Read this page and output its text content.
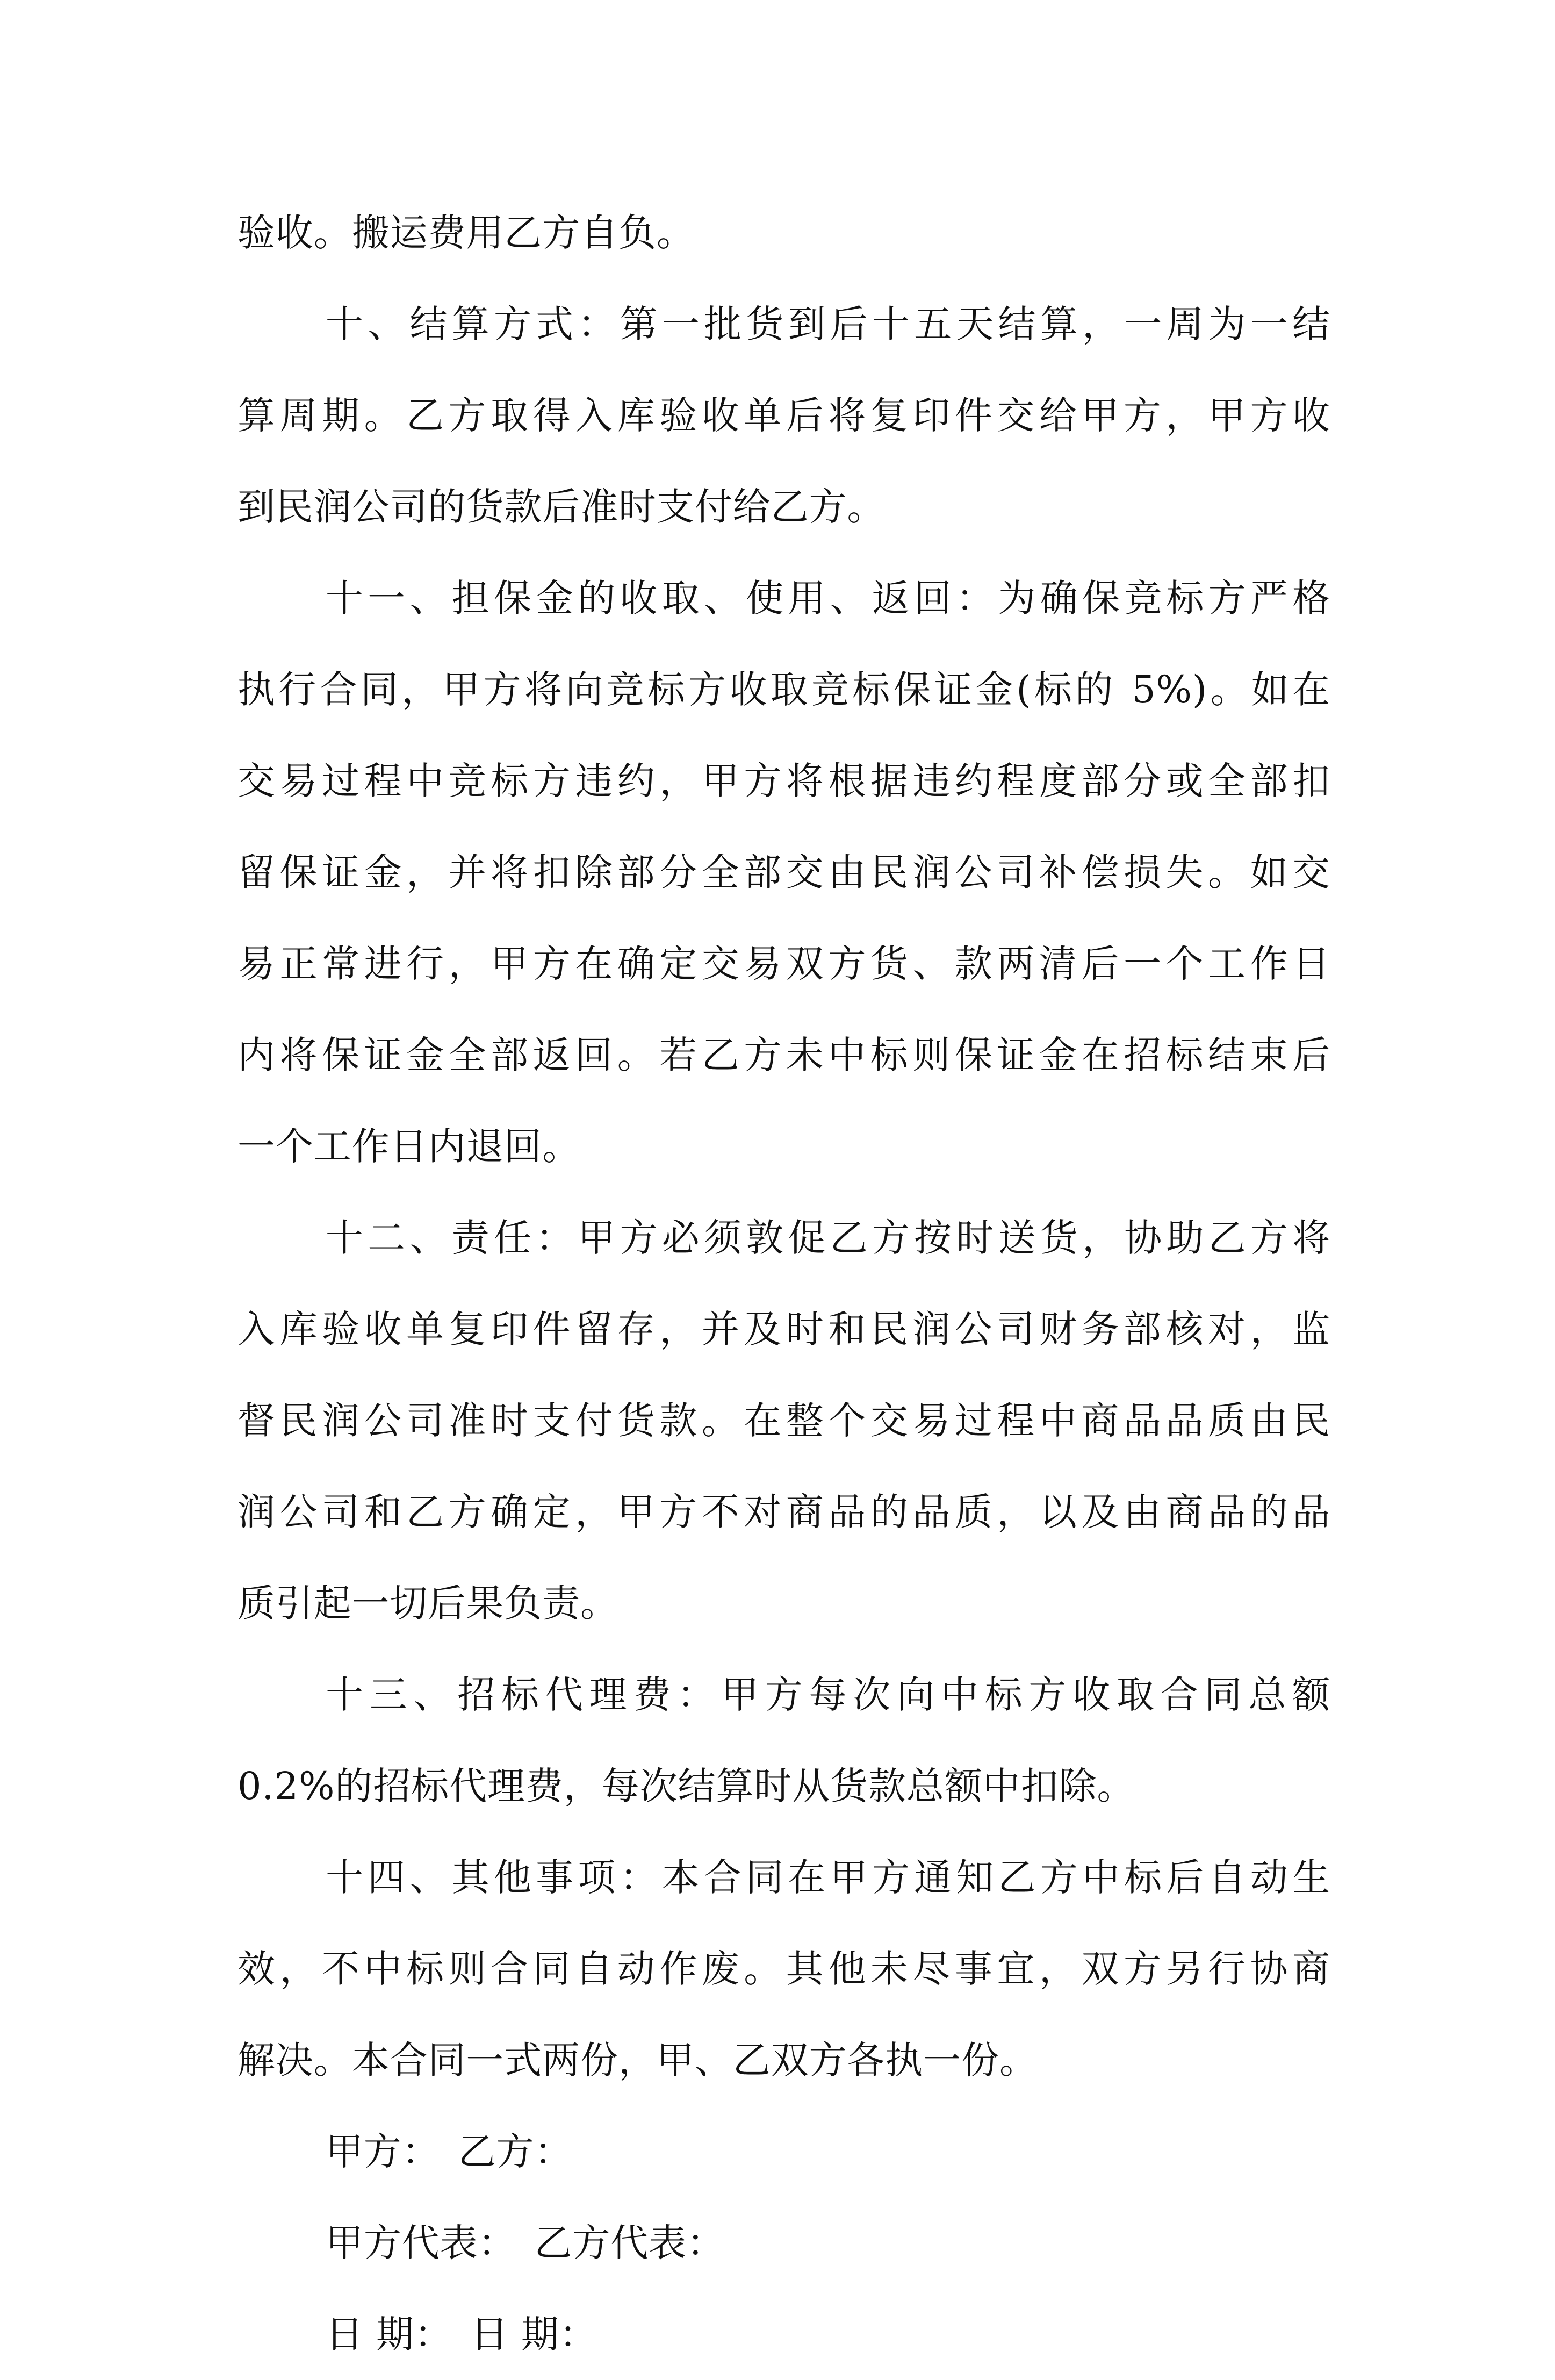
验收。搬运费用乙方自负。
十、结算方式：第一批货到后十五天结算，一周为一结
算周期。乙方取得入库验收单后将复印件交给甲方，甲方收
到民润公司的货款后准时支付给乙方。
十一、担保金的收取、使用、返回：为确保竞标方严格
执行合同，甲方将向竞标方收取竞标保证金(标的 5%)。如在
交易过程中竞标方违约，甲方将根据违约程度部分或全部扣
留保证金，并将扣除部分全部交由民润公司补偿损失。如交
易正常进行，甲方在确定交易双方货、款两清后一个工作日
内将保证金全部返回。若乙方未中标则保证金在招标结束后
一个工作日内退回。
十二、责任：甲方必须敦促乙方按时送货，协助乙方将
入库验收单复印件留存，并及时和民润公司财务部核对，监
督民润公司准时支付货款。在整个交易过程中商品品质由民
润公司和乙方确定，甲方不对商品的品质，以及由商品的品
质引起一切后果负责。
十三、招标代理费：甲方每次向中标方收取合同总额
0.2%的招标代理费，每次结算时从货款总额中扣除。
十四、其他事项：本合同在甲方通知乙方中标后自动生
效，不中标则合同自动作废。其他未尽事宜，双方另行协商
解决。本合同一式两份，甲、乙双方各执一份。
甲方： 乙方：
甲方代表： 乙方代表：
日 期： 日 期：
